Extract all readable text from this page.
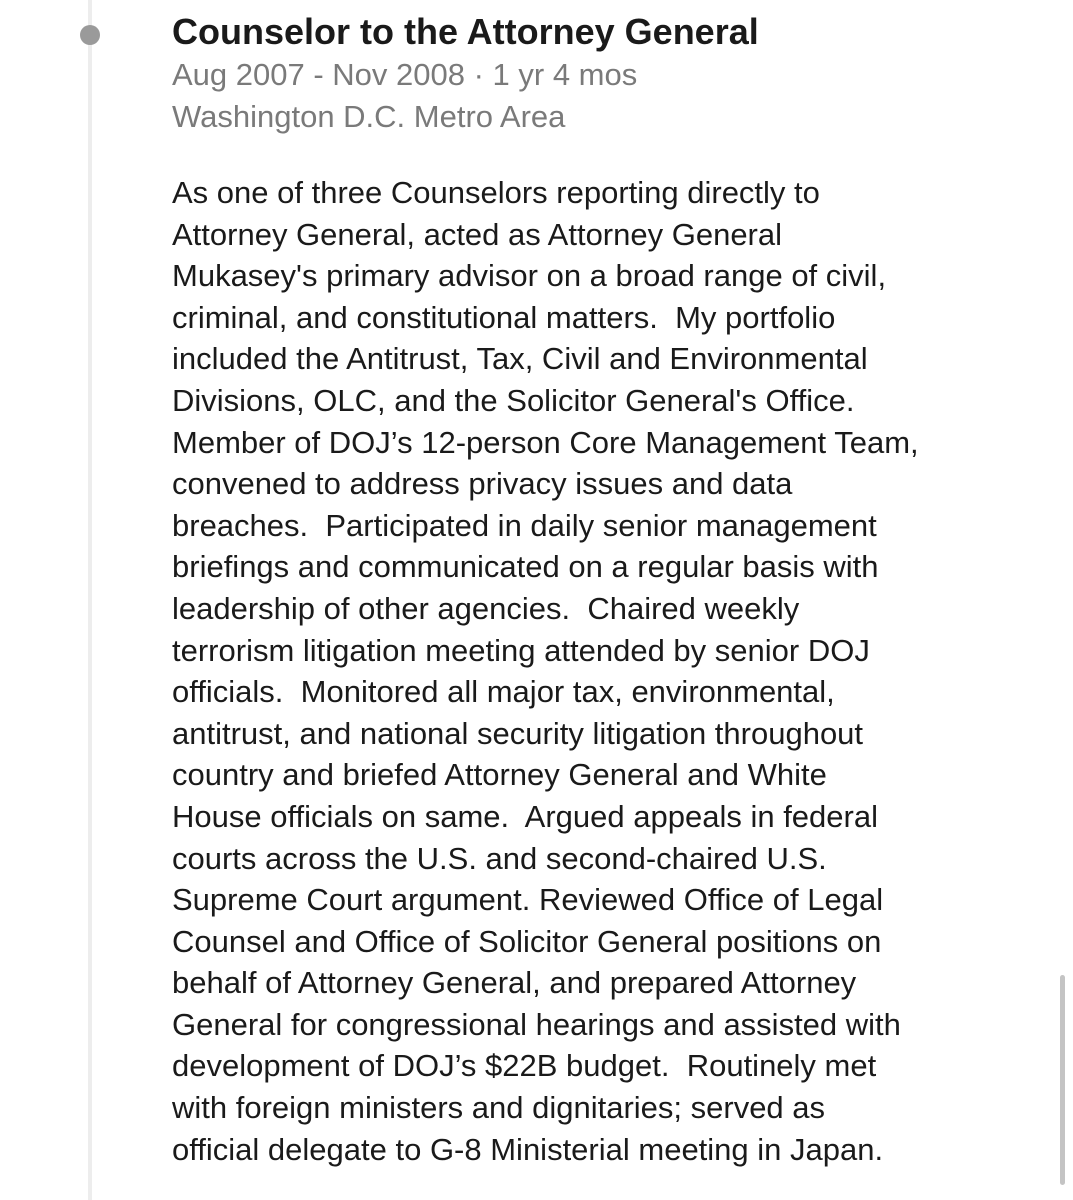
Counselor to the Attorney General
Aug 2007 - Nov 2008 · 1 yr 4 mos
Washington D.C. Metro Area
As one of three Counselors reporting directly to
Attorney General, acted as Attorney General
Mukasey's primary advisor on a broad range of civil,
criminal, and constitutional matters.  My portfolio
included the Antitrust, Tax, Civil and Environmental
Divisions, OLC, and the Solicitor General's Office.
Member of DOJ’s 12-person Core Management Team,
convened to address privacy issues and data
breaches.  Participated in daily senior management
briefings and communicated on a regular basis with
leadership of other agencies.  Chaired weekly
terrorism litigation meeting attended by senior DOJ
officials.  Monitored all major tax, environmental,
antitrust, and national security litigation throughout
country and briefed Attorney General and White
House officials on same.  Argued appeals in federal
courts across the U.S. and second-chaired U.S.
Supreme Court argument. Reviewed Office of Legal
Counsel and Office of Solicitor General positions on
behalf of Attorney General, and prepared Attorney
General for congressional hearings and assisted with
development of DOJ’s $22B budget.  Routinely met
with foreign ministers and dignitaries; served as
official delegate to G-8 Ministerial meeting in Japan.
